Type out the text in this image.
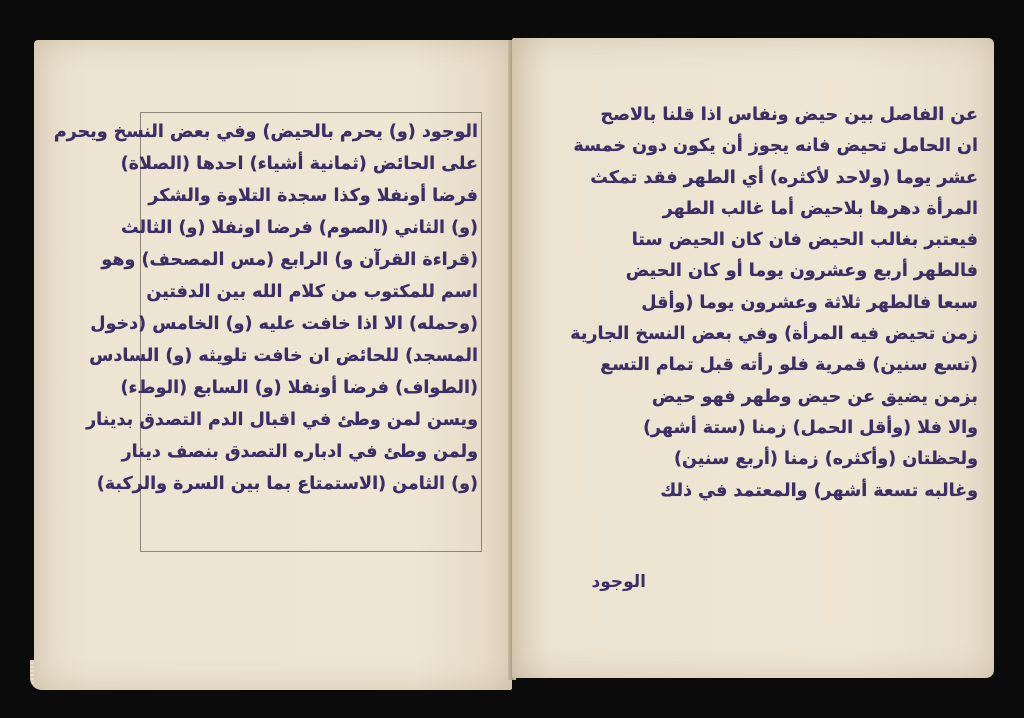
الوجود (و) يحرم بالحيض) وفي بعض النسخ ويحرم
على الحائض (ثمانية أشياء) احدها (الصلاة)
فرضا أونفلا وكذا سجدة التلاوة والشكر
(و) الثاني (الصوم) فرضا اونفلا (و) الثالث
(قراءة القرآن و) الرابع (مس المصحف) وهو
اسم للمكتوب من كلام الله بين الدفتين
(وحمله) الا اذا خافت عليه (و) الخامس (دخول
المسجد) للحائض ان خافت تلويثه (و) السادس
(الطواف) فرضا أونفلا (و) السابع (الوطء)
ويسن لمن وطئ في اقبال الدم التصدق بدينار
ولمن وطئ في ادباره التصدق بنصف دينار
(و) الثامن (الاستمتاع بما بين السرة والركبة)
عن الفاصل بين حيض ونفاس اذا قلنا بالاصح
ان الحامل تحيض فانه يجوز أن يكون دون خمسة
عشر يوما (ولاحد لأكثره) أي الطهر فقد تمكث
المرأة دهرها بلاحيض أما غالب الطهر
فيعتبر بغالب الحيض فان كان الحيض ستا
فالطهر أربع وعشرون يوما أو كان الحيض
سبعا فالطهر ثلاثة وعشرون يوما (وأقل
زمن تحيض فيه المرأة) وفي بعض النسخ الجارية
(تسع سنين) قمرية فلو رأته قبل تمام التسع
بزمن يضيق عن حيض وطهر فهو حيض
والا فلا (وأقل الحمل) زمنا (ستة أشهر)
ولحظتان (وأكثره) زمنا (أربع سنين)
وغالبه تسعة أشهر) والمعتمد في ذلك
الوجود
